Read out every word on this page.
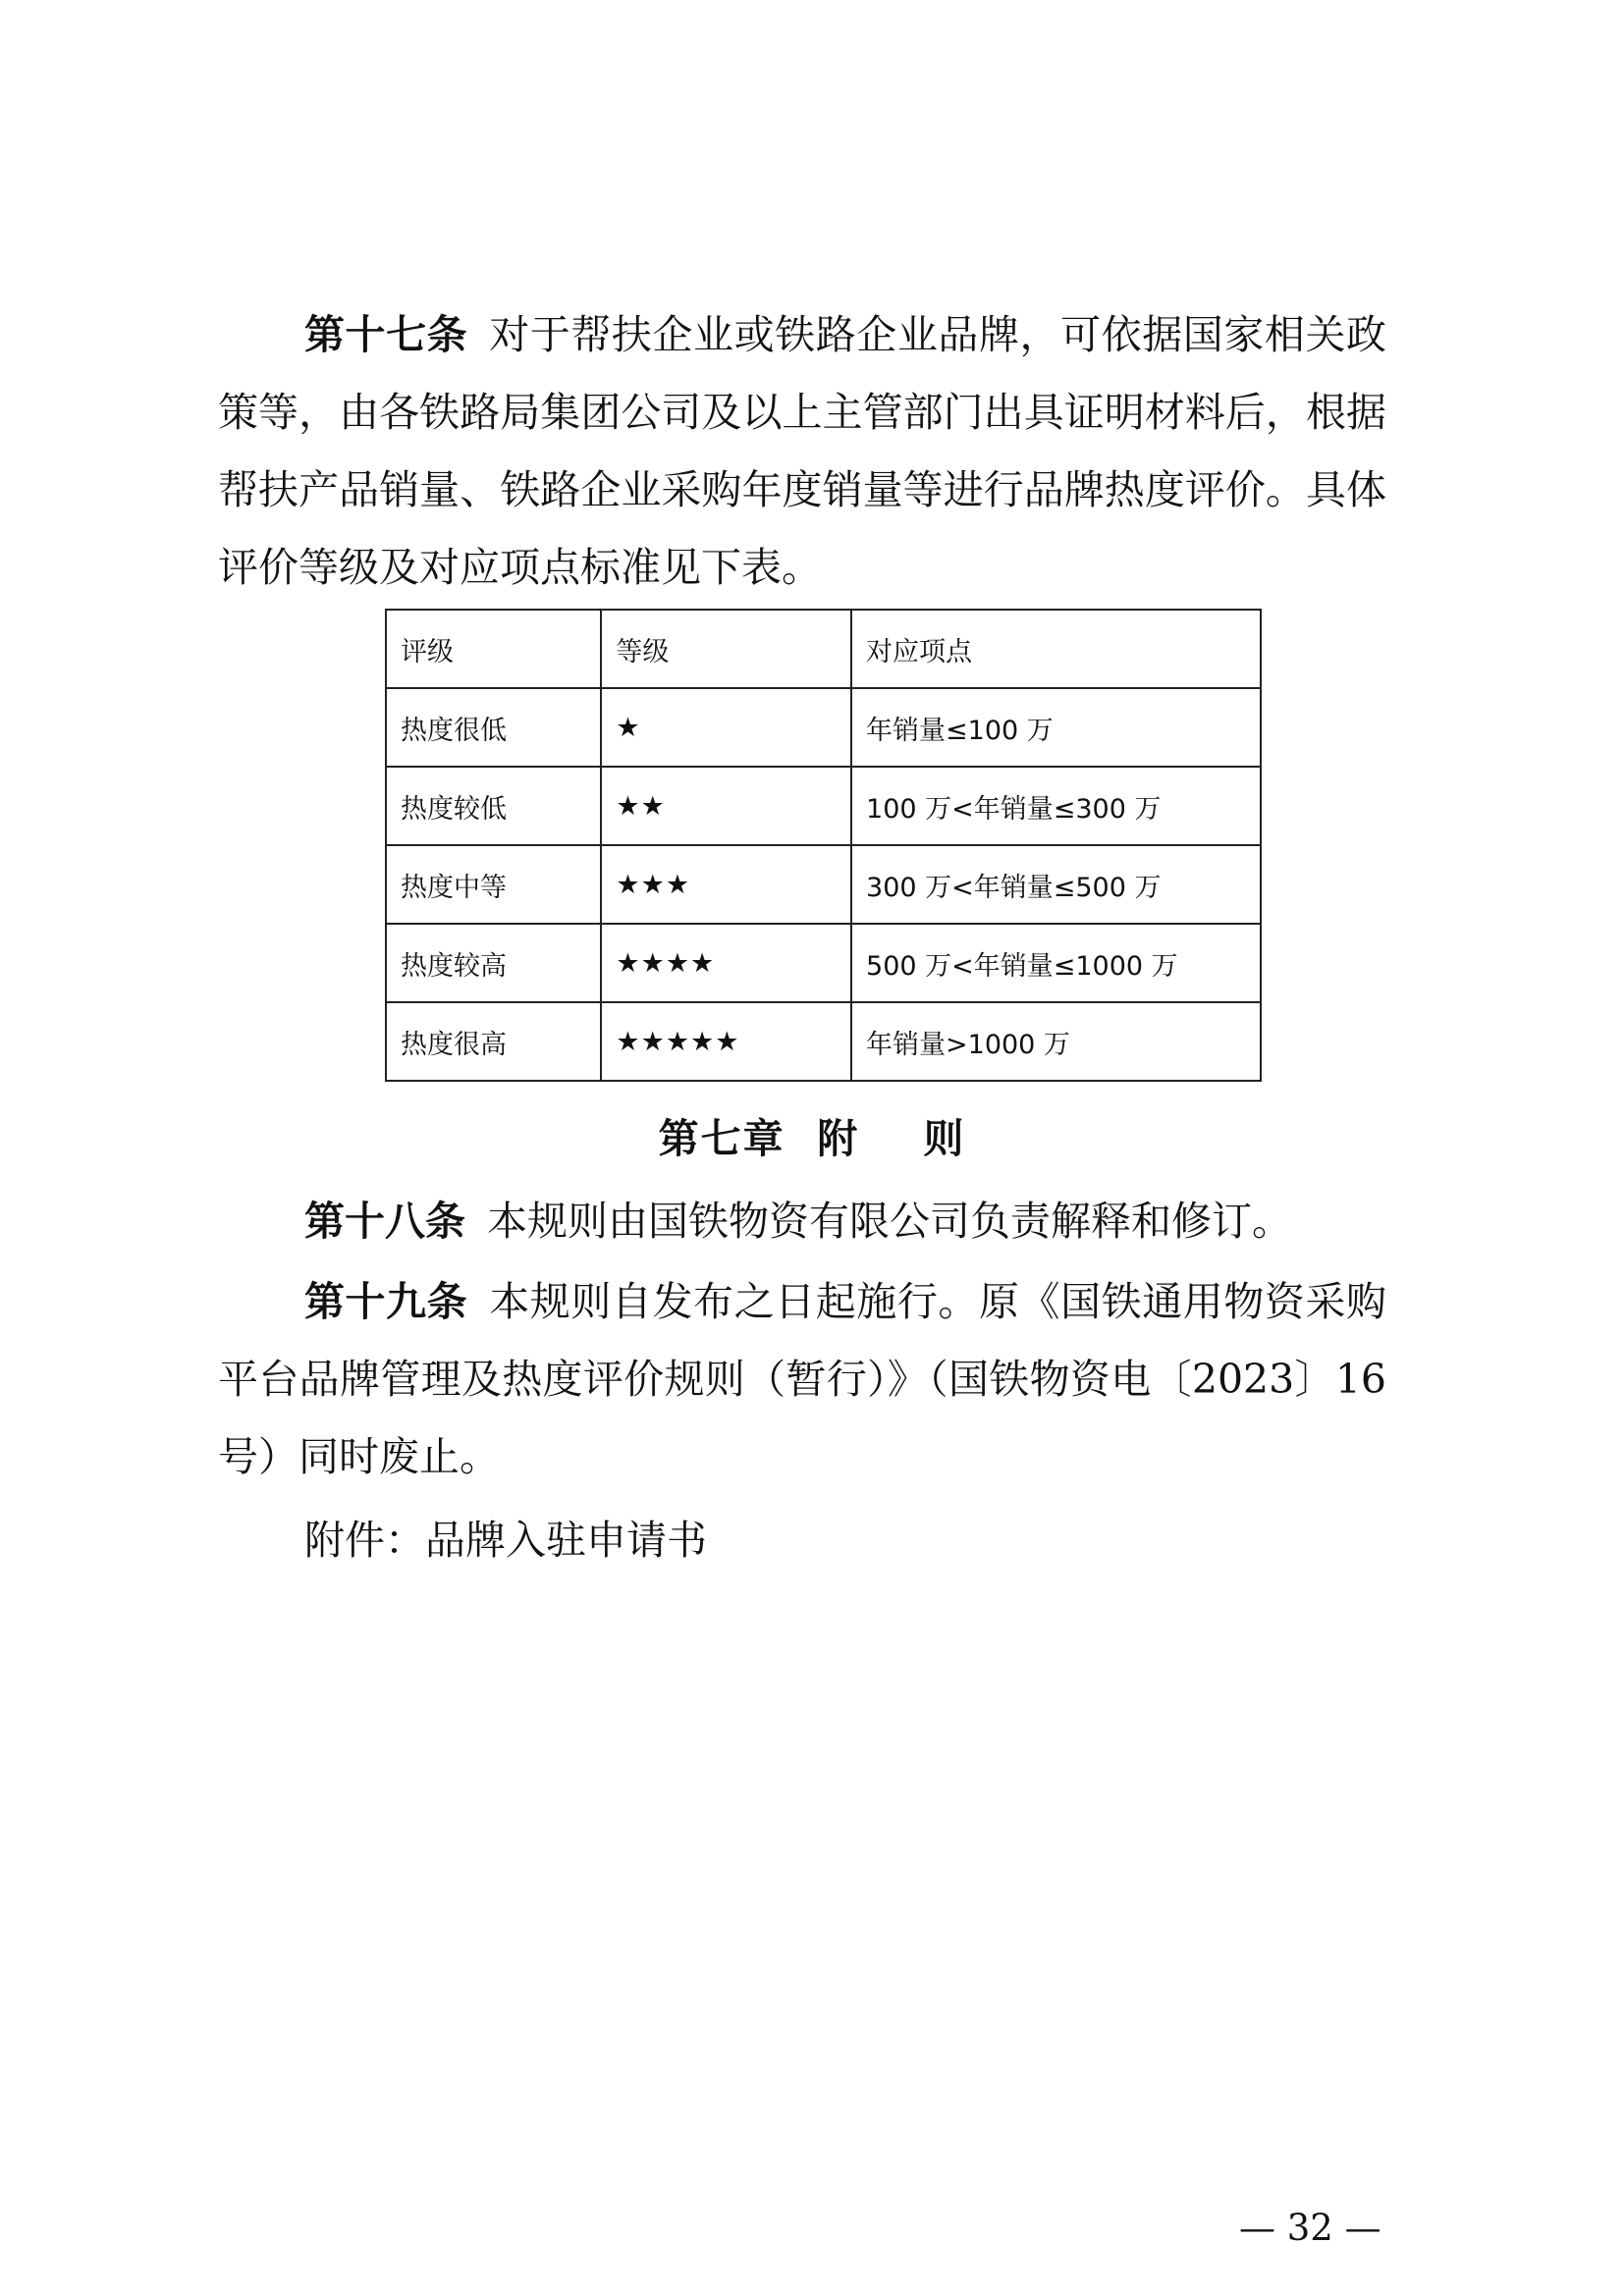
第十七条 对于帮扶企业或铁路企业品牌，可依据国家相关政策等，由各铁路局集团公司及以上主管部门出具证明材料后，根据帮扶产品销量、铁路企业采购年度销量等进行品牌热度评价。具体评价等级及对应项点标准见下表。

评级	等级	对应项点
热度很低	★	年销量≤100 万
热度较低	★★	100 万<年销量≤300 万
热度中等	★★★	300 万<年销量≤500 万
热度较高	★★★★	500 万<年销量≤1000 万
热度很高	★★★★★	年销量>1000 万
第七章  附    则

第十八条 本规则由国铁物资有限公司负责解释和修订。

第十九条 本规则自发布之日起施行。原《国铁通用物资采购平台品牌管理及热度评价规则（暂行）》（国铁物资电〔2023〕16 号）同时废止。

附件：品牌入驻申请书

— 32 —
